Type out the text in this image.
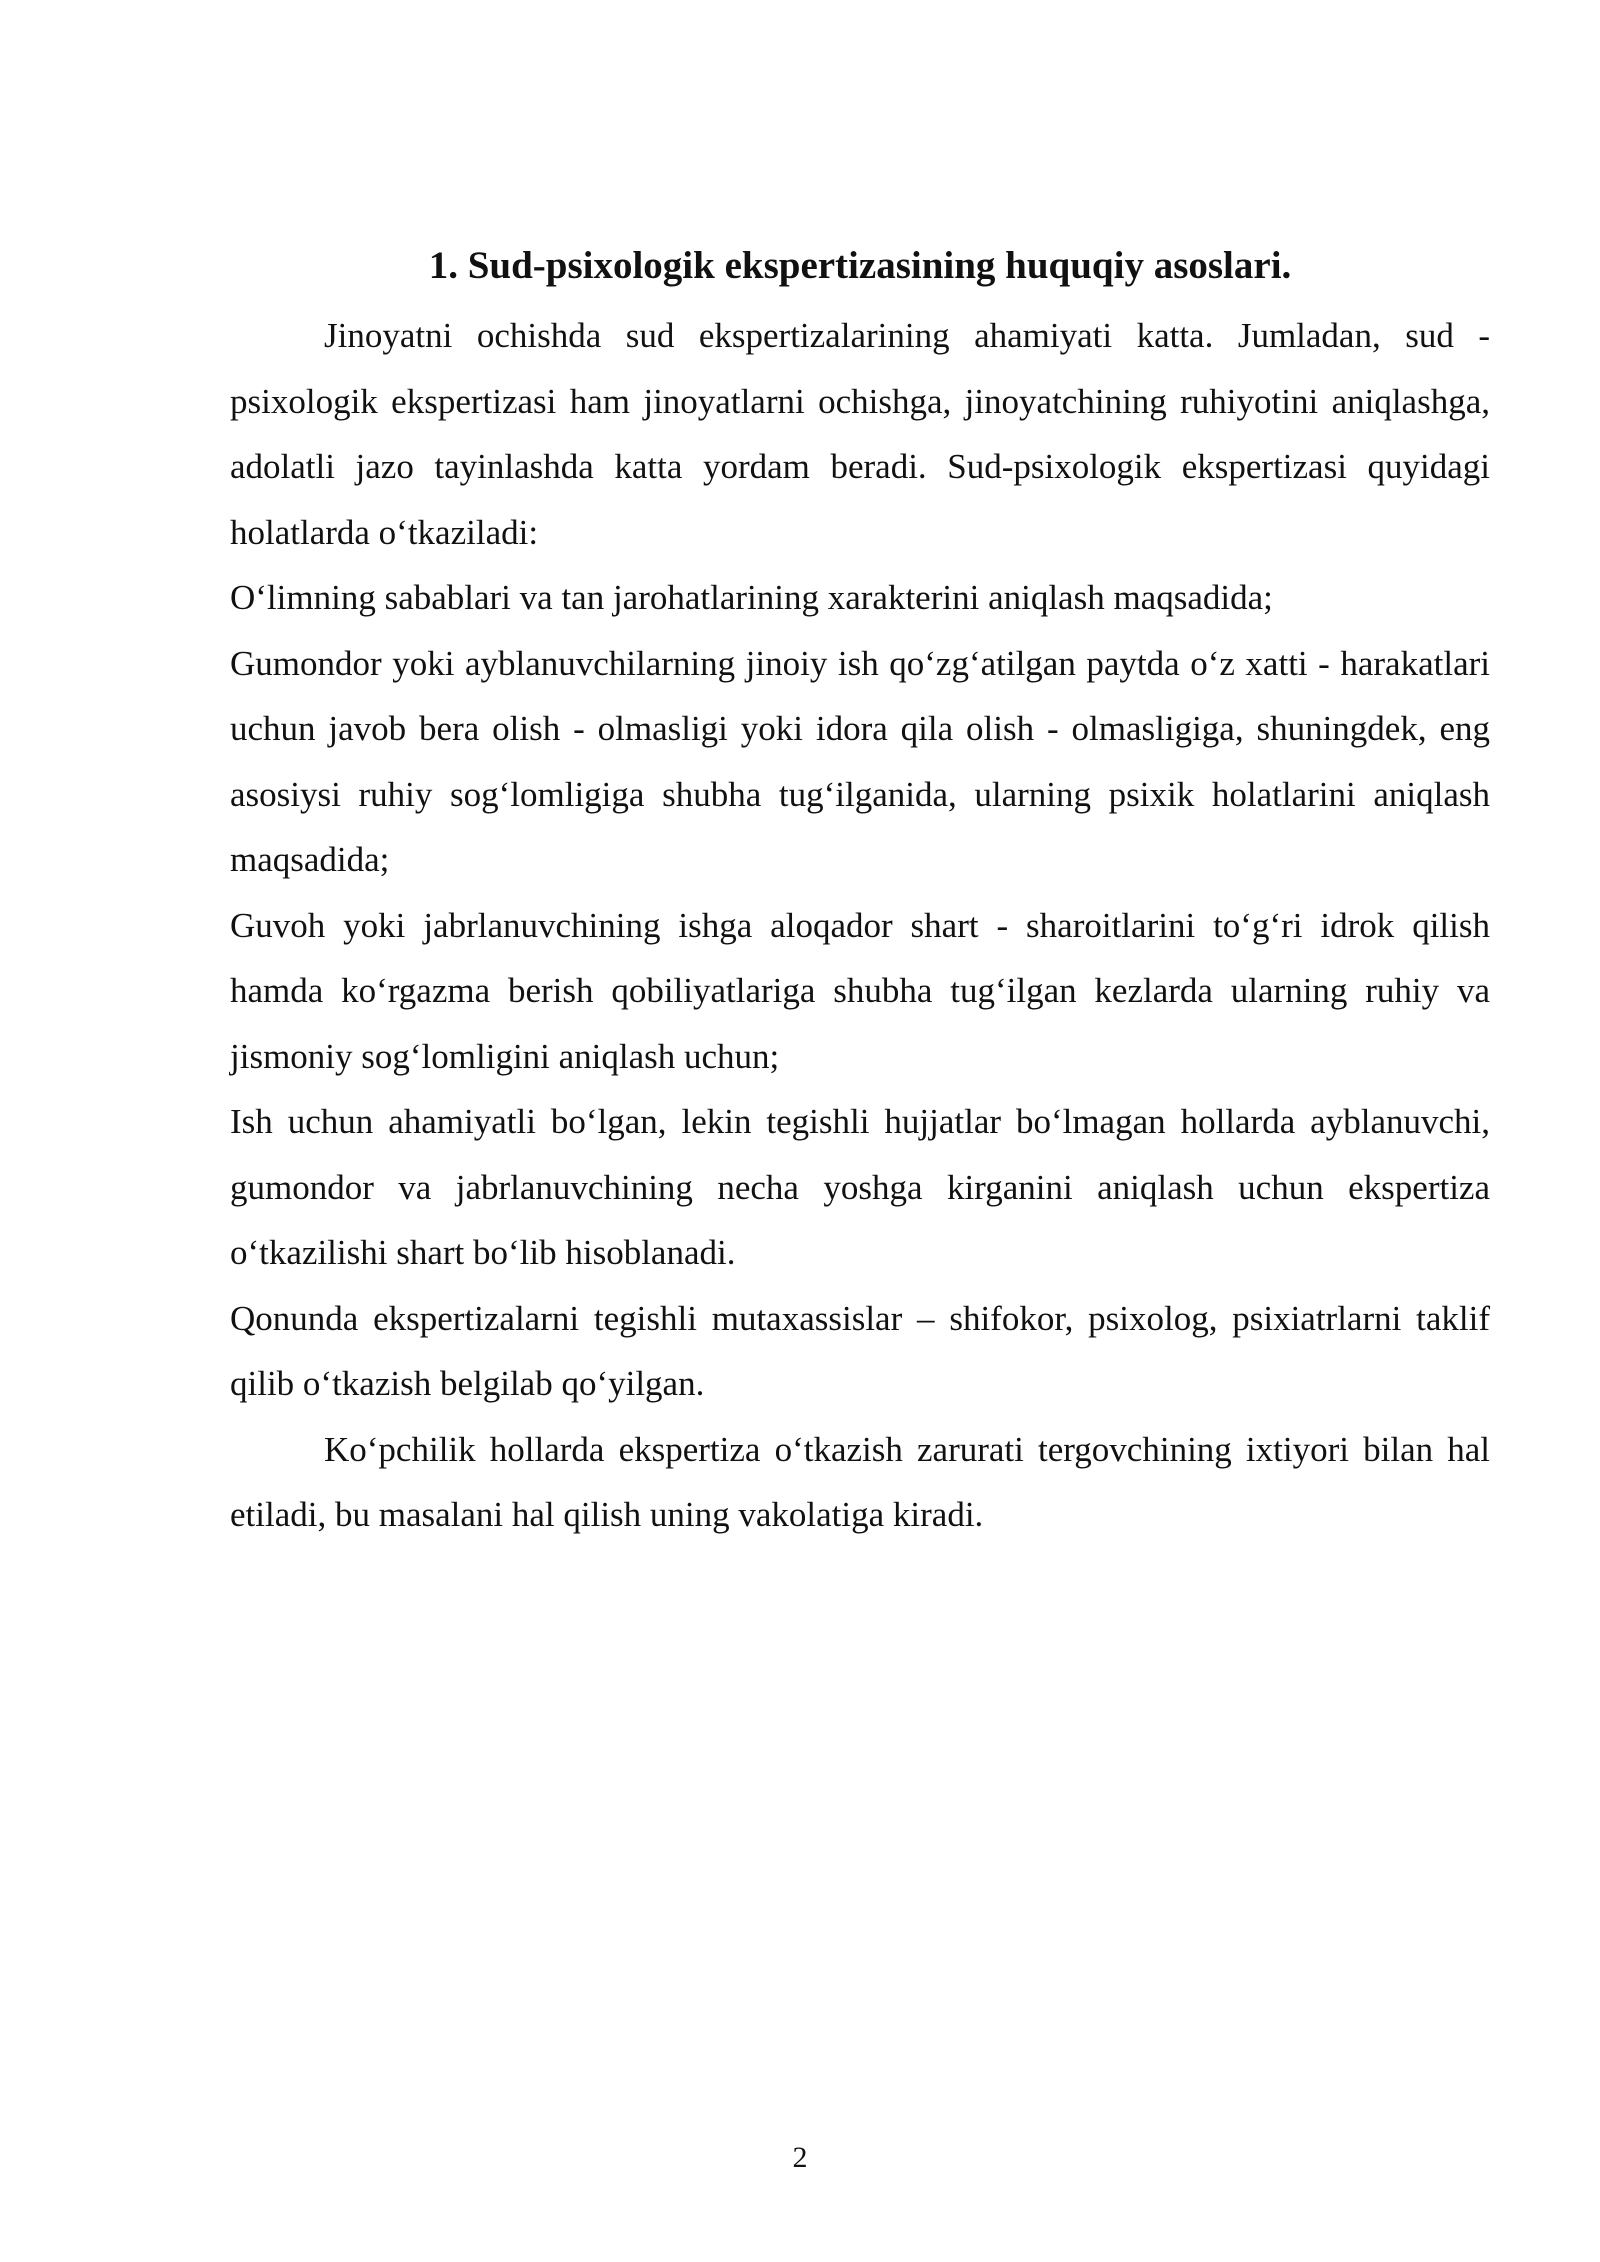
1. Sud-psixologik ekspertizasining huquqiy asoslari.

Jinoyatni ochishda sud ekspertizalarining ahamiyati katta. Jumladan, sud - psixologik ekspertizasi ham jinoyatlarni ochishga, jinoyatchining ruhiyotini aniqlashga, adolatli jazo tayinlashda katta yordam beradi. Sud-psixologik ekspertizasi quyidagi holatlarda o‘tkaziladi:

O‘limning sabablari va tan jarohatlarining xarakterini aniqlash maqsadida;

Gumondor yoki ayblanuvchilarning jinoiy ish qo‘zg‘atilgan paytda o‘z xatti - harakatlari uchun javob bera olish - olmasligi yoki idora qila olish - olmasligiga, shuningdek, eng asosiysi ruhiy sog‘lomligiga shubha tug‘ilganida, ularning psixik holatlarini aniqlash maqsadida;

Guvoh yoki jabrlanuvchining ishga aloqador shart - sharoitlarini to‘g‘ri idrok qilish hamda ko‘rgazma berish qobiliyatlariga shubha tug‘ilgan kezlarda ularning ruhiy va jismoniy sog‘lomligini aniqlash uchun;

Ish uchun ahamiyatli bo‘lgan, lekin tegishli hujjatlar bo‘lmagan hollarda ayblanuvchi, gumondor va jabrlanuvchining necha yoshga kirganini aniqlash uchun ekspertiza o‘tkazilishi shart bo‘lib hisoblanadi.

Qonunda ekspertizalarni tegishli mutaxassislar – shifokor, psixolog, psixiatrlarni taklif qilib o‘tkazish belgilab qo‘yilgan.

Ko‘pchilik hollarda ekspertiza o‘tkazish zarurati tergovchining ixtiyori bilan hal etiladi, bu masalani hal qilish uning vakolatiga kiradi.

2
